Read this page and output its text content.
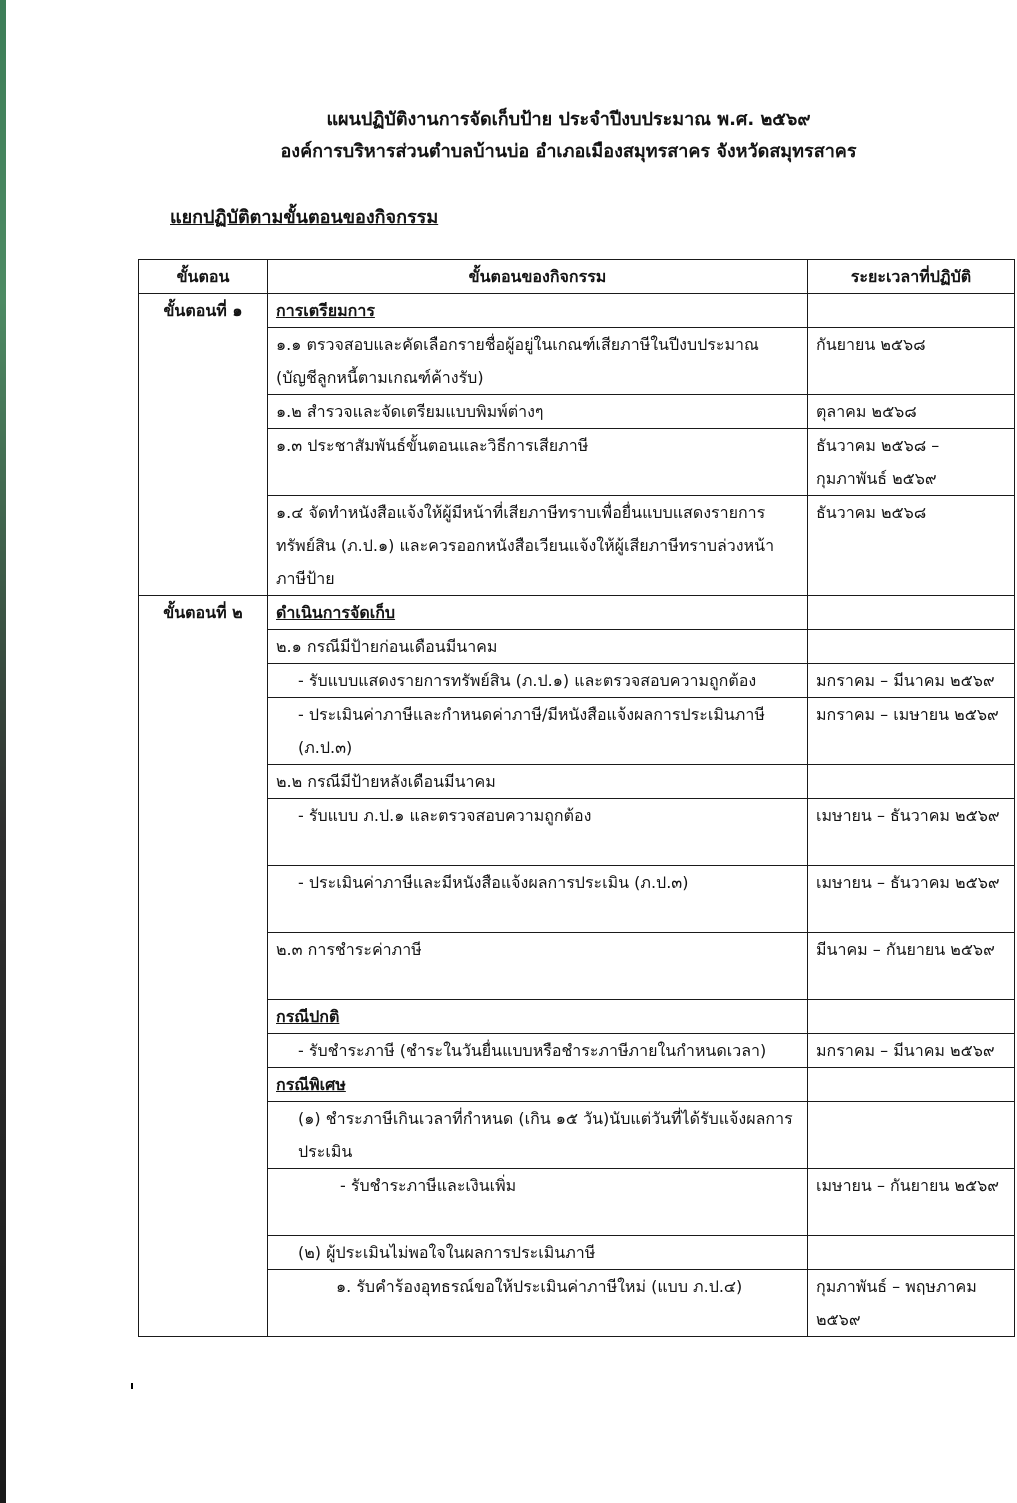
แผนปฏิบัติงานการจัดเก็บป้าย ประจำปีงบประมาณ พ.ศ. ๒๕๖๙
องค์การบริหารส่วนตำบลบ้านบ่อ อำเภอเมืองสมุทรสาคร จังหวัดสมุทรสาคร
แยกปฏิบัติตามขั้นตอนของกิจกรรม
ขั้นตอน	ขั้นตอนของกิจกรรม	ระยะเวลาที่ปฏิบัติ
ขั้นตอนที่ ๑	การเตรียมการ	
	๑.๑ ตรวจสอบและคัดเลือกรายชื่อผู้อยู่ในเกณฑ์เสียภาษีในปีงบประมาณ (บัญชีลูกหนี้ตามเกณฑ์ค้างรับ)	กันยายน ๒๕๖๘
	๑.๒ สำรวจและจัดเตรียมแบบพิมพ์ต่างๆ	ตุลาคม ๒๕๖๘
	๑.๓ ประชาสัมพันธ์ขั้นตอนและวิธีการเสียภาษี	ธันวาคม ๒๕๖๘ – กุมภาพันธ์ ๒๕๖๙
	๑.๔ จัดทำหนังสือแจ้งให้ผู้มีหน้าที่เสียภาษีทราบเพื่อยื่นแบบแสดงรายการทรัพย์สิน (ภ.ป.๑) และควรออกหนังสือเวียนแจ้งให้ผู้เสียภาษีทราบล่วงหน้าภาษีป้าย	ธันวาคม ๒๕๖๘
ขั้นตอนที่ ๒	ดำเนินการจัดเก็บ	
	๒.๑ กรณีมีป้ายก่อนเดือนมีนาคม	
	- รับแบบแสดงรายการทรัพย์สิน (ภ.ป.๑) และตรวจสอบความถูกต้อง	มกราคม – มีนาคม ๒๕๖๙
	- ประเมินค่าภาษีและกำหนดค่าภาษี/มีหนังสือแจ้งผลการประเมินภาษี (ภ.ป.๓)	มกราคม – เมษายน ๒๕๖๙
	๒.๒ กรณีมีป้ายหลังเดือนมีนาคม	
	- รับแบบ ภ.ป.๑ และตรวจสอบความถูกต้อง	เมษายน – ธันวาคม ๒๕๖๙
	- ประเมินค่าภาษีและมีหนังสือแจ้งผลการประเมิน (ภ.ป.๓)	เมษายน – ธันวาคม ๒๕๖๙
	๒.๓ การชำระค่าภาษี	มีนาคม – กันยายน ๒๕๖๙
	กรณีปกติ	
	- รับชำระภาษี (ชำระในวันยื่นแบบหรือชำระภาษีภายในกำหนดเวลา)	มกราคม – มีนาคม ๒๕๖๙
	กรณีพิเศษ	
	(๑) ชำระภาษีเกินเวลาที่กำหนด (เกิน ๑๕ วัน)นับแต่วันที่ได้รับแจ้งผลการประเมิน	
	- รับชำระภาษีและเงินเพิ่ม	เมษายน – กันยายน ๒๕๖๙
	(๒) ผู้ประเมินไม่พอใจในผลการประเมินภาษี	
	๑. รับคำร้องอุทธรณ์ขอให้ประเมินค่าภาษีใหม่ (แบบ ภ.ป.๔)	กุมภาพันธ์ – พฤษภาคม ๒๕๖๙
